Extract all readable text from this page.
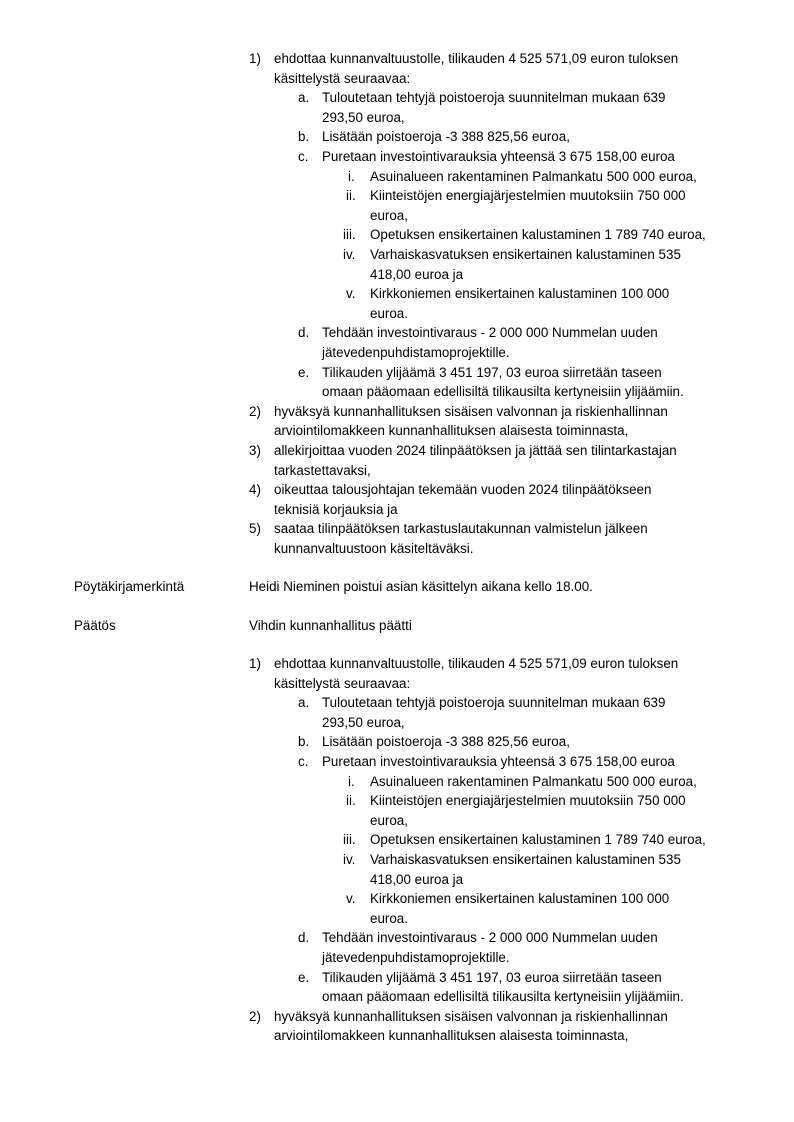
Pöytäkirjamerkintä	Heidi Nieminen poistui asian käsittelyn aikana kello 18.00.
Päätös	Vihdin kunnanhallitus päätti
1) ehdottaa kunnanvaltuustolle, tilikauden 4 525 571,09 euron tuloksen
käsittelystä seuraavaa:
a. Tuloutetaan tehtyjä poistoeroja suunnitelman mukaan 639
293,50 euroa,
b. Lisätään poistoeroja -3 388 825,56 euroa,
c. Puretaan investointivarauksia yhteensä 3 675 158,00 euroa
i. Asuinalueen rakentaminen Palmankatu 500 000 euroa,
ii. Kiinteistöjen energiajärjestelmien muutoksiin 750 000
euroa,
iii. Opetuksen ensikertainen kalustaminen 1 789 740 euroa,
iv. Varhaiskasvatuksen ensikertainen kalustaminen 535
418,00 euroa ja
v. Kirkkoniemen ensikertainen kalustaminen 100 000
euroa.
d. Tehdään investointivaraus - 2 000 000 Nummelan uuden
jätevedenpuhdistamoprojektille.
e. Tilikauden ylijäämä 3 451 197, 03 euroa siirretään taseen
omaan pääomaan edellisiltä tilikausilta kertyneisiin ylijäämiin.
2) hyväksyä kunnanhallituksen sisäisen valvonnan ja riskienhallinnan
arviointilomakkeen kunnanhallituksen alaisesta toiminnasta,
3) allekirjoittaa vuoden 2024 tilinpäätöksen ja jättää sen tilintarkastajan
tarkastettavaksi,
4) oikeuttaa talousjohtajan tekemään vuoden 2024 tilinpäätökseen
teknisiä korjauksia ja
5) saataa tilinpäätöksen tarkastuslautakunnan valmistelun jälkeen
kunnanvaltuustoon käsiteltäväksi.
1) ehdottaa kunnanvaltuustolle, tilikauden 4 525 571,09 euron tuloksen
käsittelystä seuraavaa:
a. Tuloutetaan tehtyjä poistoeroja suunnitelman mukaan 639
293,50 euroa,
b. Lisätään poistoeroja -3 388 825,56 euroa,
c. Puretaan investointivarauksia yhteensä 3 675 158,00 euroa
i. Asuinalueen rakentaminen Palmankatu 500 000 euroa,
ii. Kiinteistöjen energiajärjestelmien muutoksiin 750 000
euroa,
iii. Opetuksen ensikertainen kalustaminen 1 789 740 euroa,
iv. Varhaiskasvatuksen ensikertainen kalustaminen 535
418,00 euroa ja
v. Kirkkoniemen ensikertainen kalustaminen 100 000
euroa.
d. Tehdään investointivaraus - 2 000 000 Nummelan uuden
jätevedenpuhdistamoprojektille.
e. Tilikauden ylijäämä 3 451 197, 03 euroa siirretään taseen
omaan pääomaan edellisiltä tilikausilta kertyneisiin ylijäämiin.
2) hyväksyä kunnanhallituksen sisäisen valvonnan ja riskienhallinnan
arviointilomakkeen kunnanhallituksen alaisesta toiminnasta,
